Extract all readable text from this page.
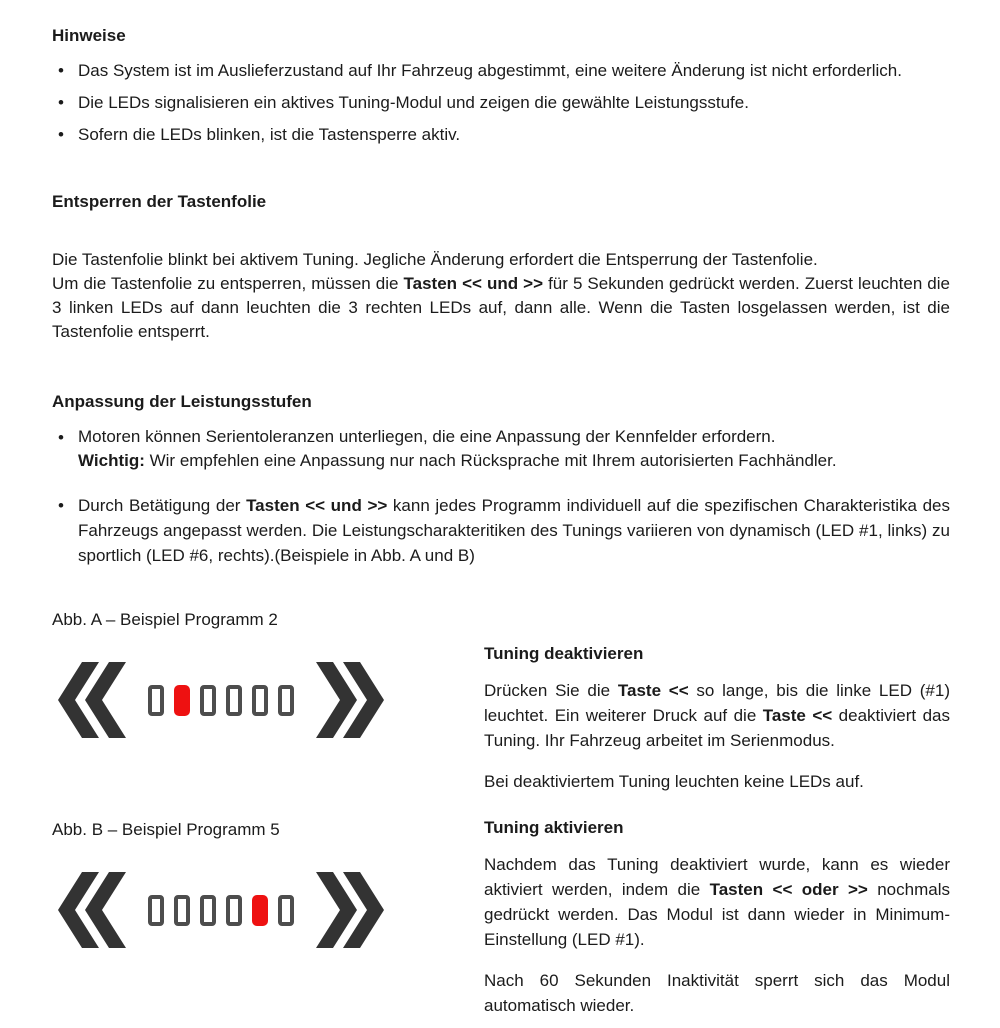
Hinweise
• Das System ist im Auslieferzustand auf Ihr Fahrzeug abgestimmt, eine weitere Änderung ist nicht erforderlich.
• Die LEDs signalisieren ein aktives Tuning-Modul und zeigen die gewählte Leistungsstufe.
• Sofern die LEDs blinken, ist die Tastensperre aktiv.
Entsperren der Tastenfolie
Die Tastenfolie blinkt bei aktivem Tuning. Jegliche Änderung erfordert die Entsperrung der Tastenfolie.
Um die Tastenfolie zu entsperren, müssen die Tasten << und >> für 5 Sekunden gedrückt werden. Zuerst leuchten die 3 linken LEDs auf dann leuchten die 3 rechten LEDs auf, dann alle. Wenn die Tasten losgelassen werden, ist die Tastenfolie entsperrt.
Anpassung der Leistungsstufen
• Motoren können Serientoleranzen unterliegen, die eine Anpassung der Kennfelder erfordern.
Wichtig: Wir empfehlen eine Anpassung nur nach Rücksprache mit Ihrem autorisierten Fachhändler.
• Durch Betätigung der Tasten << und >> kann jedes Programm individuell auf die spezifischen Charakteristika des Fahrzeugs angepasst werden. Die Leistungscharakteritiken des Tunings variieren von dynamisch (LED #1, links) zu sportlich (LED #6, rechts).(Beispiele in Abb. A und B)
Abb. A – Beispiel Programm 2
Abb. B – Beispiel Programm 5
Tuning deaktivieren

Drücken Sie die Taste << so lange, bis die linke LED (#1) leuchtet. Ein weiterer Druck auf die Taste << deaktiviert das Tuning. Ihr Fahrzeug arbeitet im Serienmodus.

Bei deaktiviertem Tuning leuchten keine LEDs auf.

Tuning aktivieren

Nachdem das Tuning deaktiviert wurde, kann es wieder aktiviert werden, indem die Tasten << oder >> nochmals gedrückt werden. Das Modul ist dann wieder in Minimum-Einstellung (LED #1).

Nach 60 Sekunden Inaktivität sperrt sich das Modul automatisch wieder.
